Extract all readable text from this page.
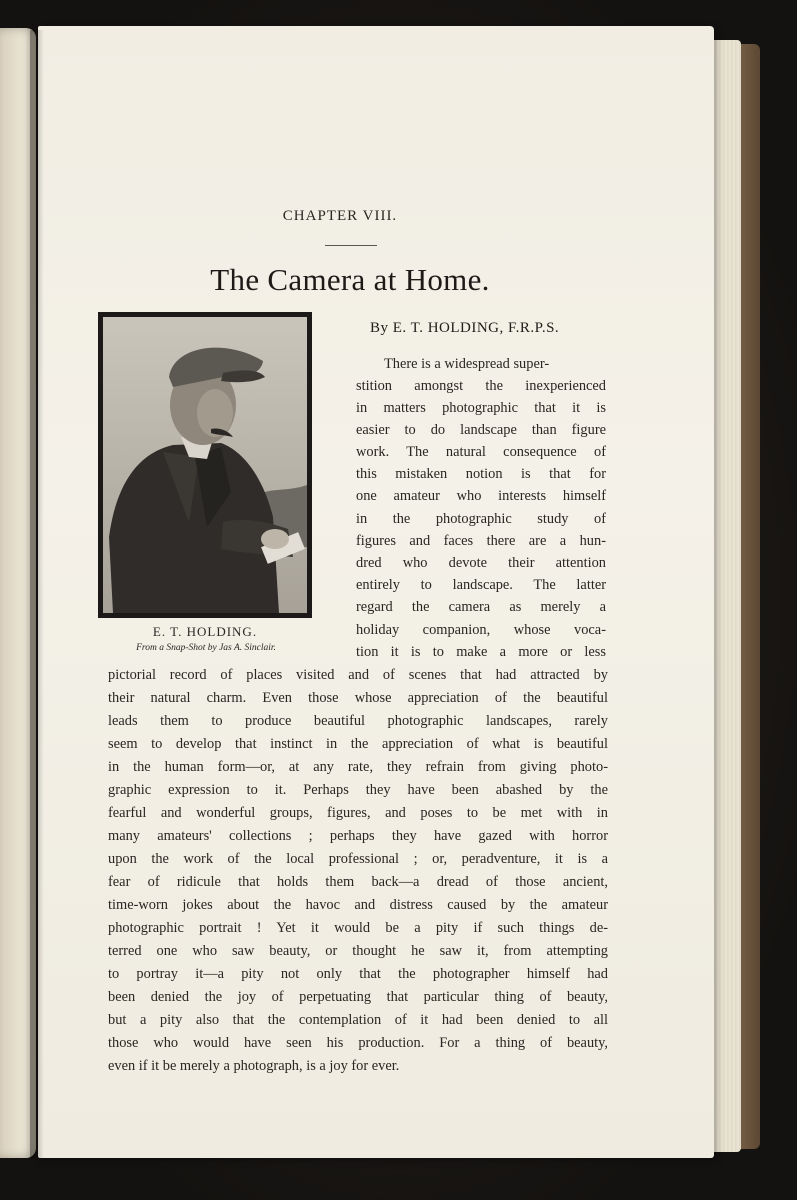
CHAPTER VIII.
The Camera at Home.
By E. T. HOLDING, F.R.P.S.
E. T. HOLDING.
From a Snap-Shot by Jas A. Sinclair.
There is a widespread super-
stition amongst the inexperienced
in matters photographic that it is
easier to do landscape than figure
work. The natural consequence of
this mistaken notion is that for
one amateur who interests himself
in the photographic study of
figures and faces there are a hun-
dred who devote their attention
entirely to landscape. The latter
regard the camera as merely a
holiday companion, whose voca-
tion it is to make a more or less
pictorial record of places visited and of scenes that had attracted by
their natural charm. Even those whose appreciation of the beautiful
leads them to produce beautiful photographic landscapes, rarely
seem to develop that instinct in the appreciation of what is beautiful
in the human form—or, at any rate, they refrain from giving photo-
graphic expression to it. Perhaps they have been abashed by the
fearful and wonderful groups, figures, and poses to be met with in
many amateurs' collections ; perhaps they have gazed with horror
upon the work of the local professional ; or, peradventure, it is a
fear of ridicule that holds them back—a dread of those ancient,
time-worn jokes about the havoc and distress caused by the amateur
photographic portrait ! Yet it would be a pity if such things de-
terred one who saw beauty, or thought he saw it, from attempting
to portray it—a pity not only that the photographer himself had
been denied the joy of perpetuating that particular thing of beauty,
but a pity also that the contemplation of it had been denied to all
those who would have seen his production. For a thing of beauty,
even if it be merely a photograph, is a joy for ever.
